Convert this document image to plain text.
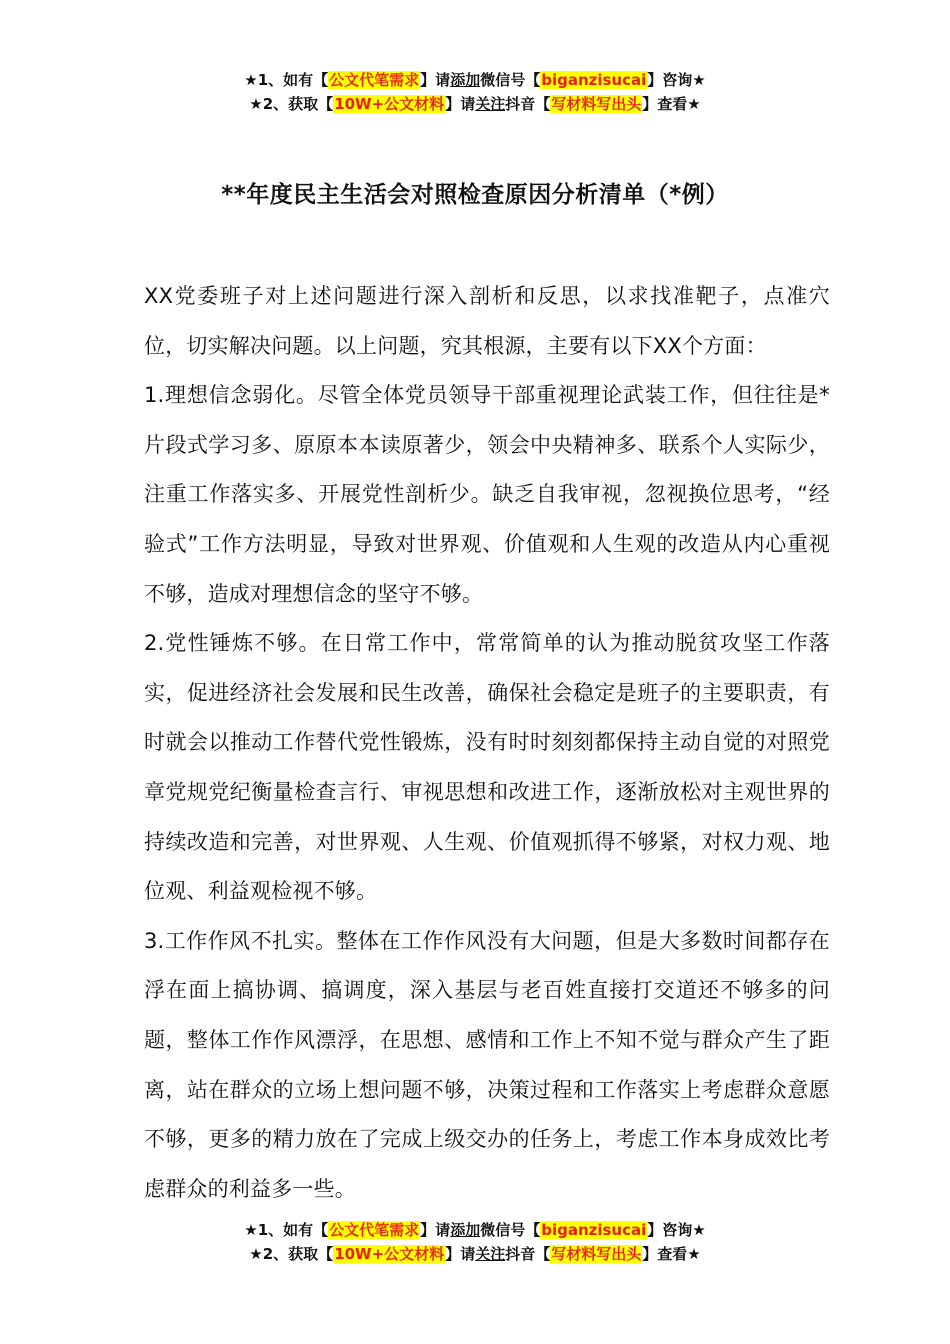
★1、如有【公文代笔需求】请添加微信号【biganzisucai】咨询★
★2、获取【10W+公文材料】请关注抖音【写材料写出头】查看★
**年度民主生活会对照检查原因分析清单（*例）

XX党委班子对上述问题进行深入剖析和反思，以求找准靶子，点准穴位，切实解决问题。以上问题，究其根源，主要有以下XX个方面：

1.理想信念弱化。尽管全体党员领导干部重视理论武装工作，但往往是*片段式学习多、原原本本读原著少，领会中央精神多、联系个人实际少，注重工作落实多、开展党性剖析少。缺乏自我审视，忽视换位思考，“经验式”工作方法明显，导致对世界观、价值观和人生观的改造从内心重视不够，造成对理想信念的坚守不够。

2.党性锤炼不够。在日常工作中，常常简单的认为推动脱贫攻坚工作落实，促进经济社会发展和民生改善，确保社会稳定是班子的主要职责，有时就会以推动工作替代党性锻炼，没有时时刻刻都保持主动自觉的对照党章党规党纪衡量检查言行、审视思想和改进工作，逐渐放松对主观世界的持续改造和完善，对世界观、人生观、价值观抓得不够紧，对权力观、地位观、利益观检视不够。

3.工作作风不扎实。整体在工作作风没有大问题，但是大多数时间都存在浮在面上搞协调、搞调度，深入基层与老百姓直接打交道还不够多的问题，整体工作作风漂浮，在思想、感情和工作上不知不觉与群众产生了距离，站在群众的立场上想问题不够，决策过程和工作落实上考虑群众意愿不够，更多的精力放在了完成上级交办的任务上，考虑工作本身成效比考虑群众的利益多一些。

★1、如有【公文代笔需求】请添加微信号【biganzisucai】咨询★
★2、获取【10W+公文材料】请关注抖音【写材料写出头】查看★
